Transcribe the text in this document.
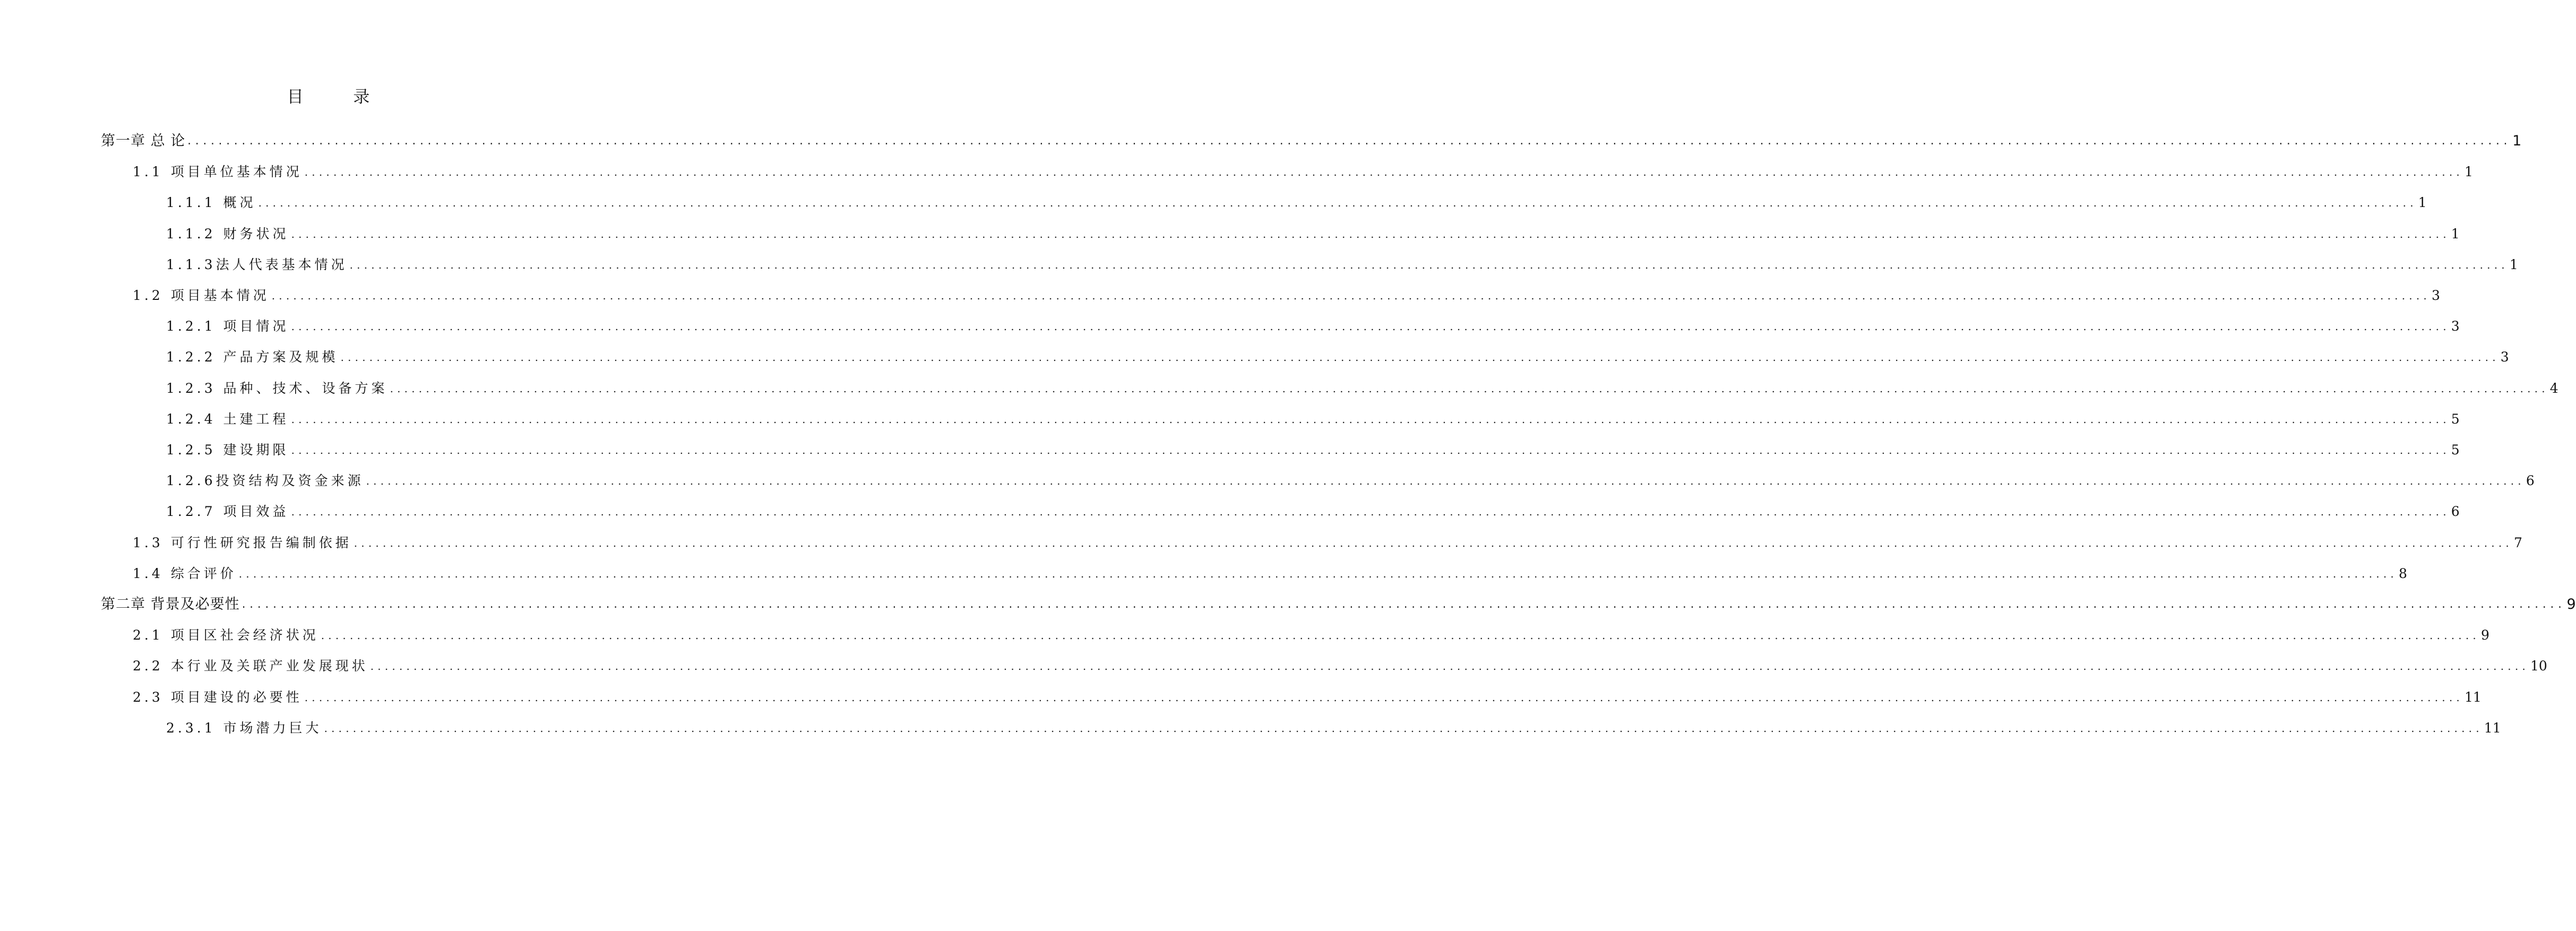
目 录
第一章 总 论 ............................................................................................................................................................................................................................................................................................................ 1
1.1 项目单位基本情况 ............................................................................................................................................................................................................................................................................................................ 1
1.1.1 概况 ............................................................................................................................................................................................................................................................................................................ 1
1.1.2 财务状况 ............................................................................................................................................................................................................................................................................................................ 1
1.1.3法人代表基本情况 ............................................................................................................................................................................................................................................................................................................ 1
1.2 项目基本情况 ............................................................................................................................................................................................................................................................................................................ 3
1.2.1 项目情况 ............................................................................................................................................................................................................................................................................................................ 3
1.2.2 产品方案及规模 ............................................................................................................................................................................................................................................................................................................ 3
1.2.3 品种、技术、设备方案 ............................................................................................................................................................................................................................................................................................................ 4
1.2.4 土建工程 ............................................................................................................................................................................................................................................................................................................ 5
1.2.5 建设期限 ............................................................................................................................................................................................................................................................................................................ 5
1.2.6投资结构及资金来源 ............................................................................................................................................................................................................................................................................................................ 6
1.2.7 项目效益 ............................................................................................................................................................................................................................................................................................................ 6
1.3 可行性研究报告编制依据 ............................................................................................................................................................................................................................................................................................................ 7
1.4 综合评价 ............................................................................................................................................................................................................................................................................................................ 8
第二章 背景及必要性 ............................................................................................................................................................................................................................................................................................................ 9
2.1 项目区社会经济状况 ............................................................................................................................................................................................................................................................................................................ 9
2.2 本行业及关联产业发展现状 ............................................................................................................................................................................................................................................................................................................ 10
2.3 项目建设的必要性 ............................................................................................................................................................................................................................................................................................................ 11
2.3.1 市场潜力巨大 ............................................................................................................................................................................................................................................................................................................ 11
